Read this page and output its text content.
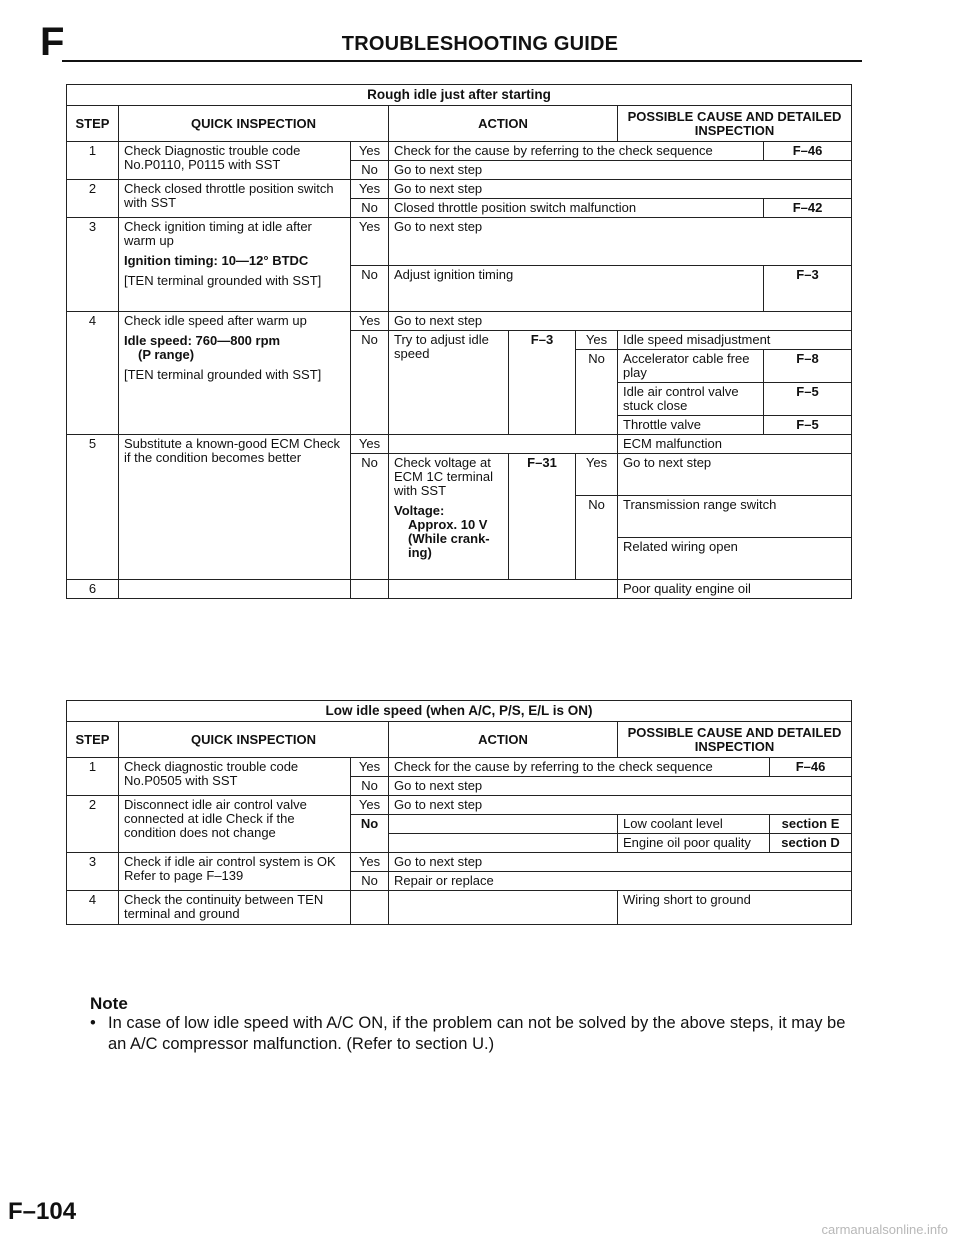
F	TROUBLESHOOTING GUIDE
Rough idle just after starting							
STEP	QUICK INSPECTION		ACTION			POSSIBLE CAUSE AND DETAILED INSPECTION	
1	Check Diagnostic trouble code No.P0110, P0115 with SST	Yes	Check for the cause by referring to the check sequence				F–46
		No	Go to next step				
2	Check closed throttle position switch with SST	Yes	Go to next step				
		No	Closed throttle position switch malfunction				F–42
3	Check ignition timing at idle after warm up

Ignition timing: 10—12° BTDC

[TEN terminal grounded with SST]	Yes	Go to next step				
		No	Adjust ignition timing				F–3
4	Check idle speed after warm up

Idle speed: 760—800 rpm

(P range)

[TEN terminal grounded with SST]	Yes	Go to next step				
		No	Try to adjust idle speed	F–3	Yes	Idle speed misadjustment	
					No	Accelerator cable free play	F–8
						Idle air control valve stuck close	F–5
						Throttle valve	F–5
5	Substitute a known-good ECM Check if the condition becomes better	Yes				ECM malfunction	
		No	Check voltage at ECM 1C terminal with SST

Voltage:

Approx. 10 V

(While crank-ing)	F–31	Yes	Go to next step	
					No	Transmission range switch	
						Related wiring open	
6						Poor quality engine oil	
Low idle speed (when A/C, P/S, E/L is ON)					
STEP	QUICK INSPECTION		ACTION	POSSIBLE CAUSE AND DETAILED INSPECTION	
1	Check diagnostic trouble code No.P0505 with SST	Yes	Check for the cause by referring to the check sequence		F–46
		No	Go to next step		
2	Disconnect idle air control valve connected at idle Check if the condition does not change	Yes	Go to next step		
		No		Low coolant level	section E
				Engine oil poor quality	section D
3	Check if idle air control system is OK Refer to page F–139	Yes	Go to next step		
		No	Repair or replace		
4	Check the continuity between TEN terminal and ground			Wiring short to ground	
Note
• In case of low idle speed with A/C ON, if the problem can not be solved by the above steps, it may be an A/C compressor malfunction. (Refer to section U.)
F–104
carmanualsonline.info
